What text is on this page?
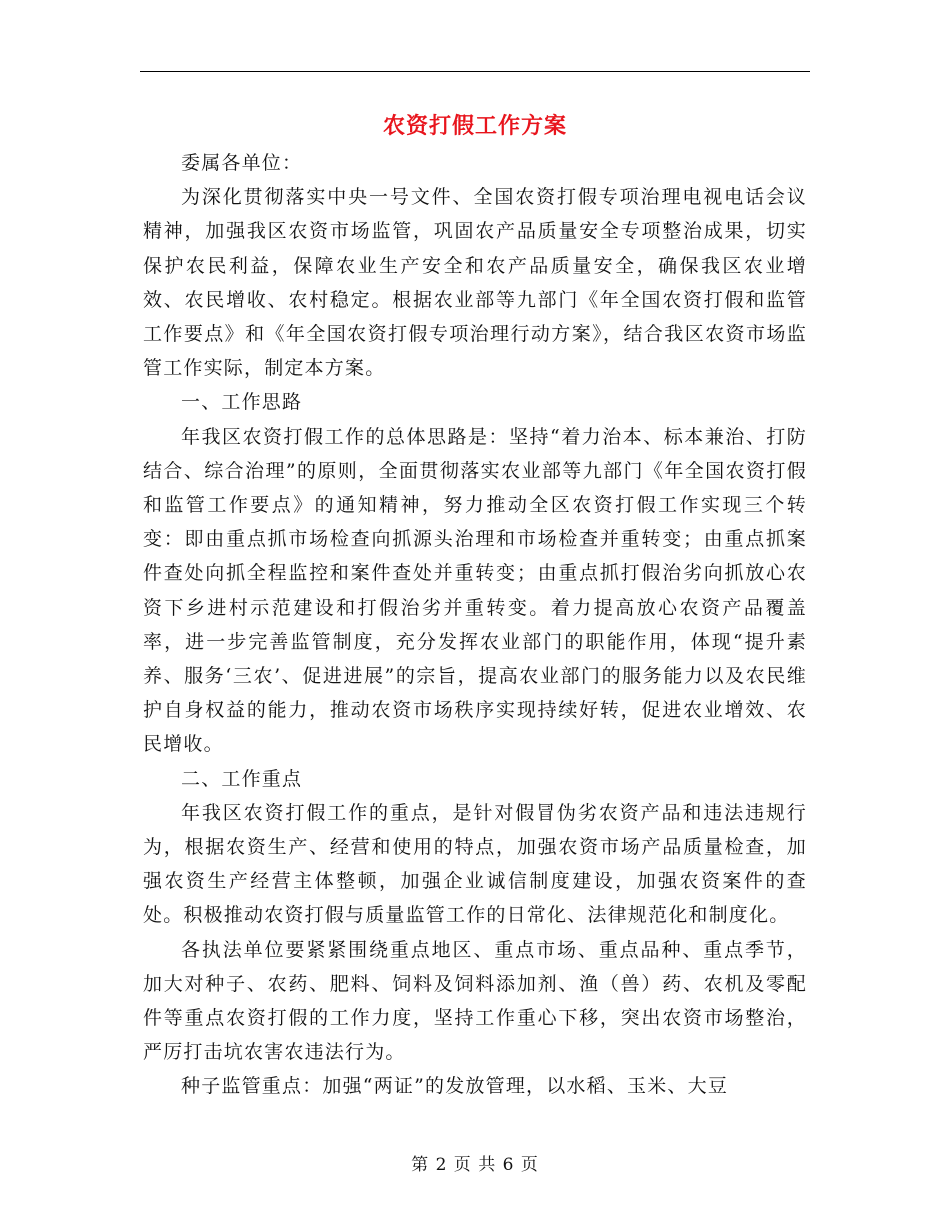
农资打假工作方案

委属各单位：

为深化贯彻落实中央一号文件、全国农资打假专项治理电视电话会议精神，加强我区农资市场监管，巩固农产品质量安全专项整治成果，切实保护农民利益，保障农业生产安全和农产品质量安全，确保我区农业增效、农民增收、农村稳定。根据农业部等九部门《年全国农资打假和监管工作要点》和《年全国农资打假专项治理行动方案》，结合我区农资市场监管工作实际，制定本方案。

一、工作思路

年我区农资打假工作的总体思路是：坚持“着力治本、标本兼治、打防结合、综合治理”的原则，全面贯彻落实农业部等九部门《年全国农资打假和监管工作要点》的通知精神，努力推动全区农资打假工作实现三个转变：即由重点抓市场检查向抓源头治理和市场检查并重转变；由重点抓案件查处向抓全程监控和案件查处并重转变；由重点抓打假治劣向抓放心农资下乡进村示范建设和打假治劣并重转变。着力提高放心农资产品覆盖率，进一步完善监管制度，充分发挥农业部门的职能作用，体现“提升素养、服务‘三农’、促进进展”的宗旨，提高农业部门的服务能力以及农民维护自身权益的能力，推动农资市场秩序实现持续好转，促进农业增效、农民增收。

二、工作重点

年我区农资打假工作的重点，是针对假冒伪劣农资产品和违法违规行为，根据农资生产、经营和使用的特点，加强农资市场产品质量检查，加强农资生产经营主体整顿，加强企业诚信制度建设，加强农资案件的查处。积极推动农资打假与质量监管工作的日常化、法律规范化和制度化。

各执法单位要紧紧围绕重点地区、重点市场、重点品种、重点季节，加大对种子、农药、肥料、饲料及饲料添加剂、渔（兽）药、农机及零配件等重点农资打假的工作力度，坚持工作重心下移，突出农资市场整治，严厉打击坑农害农违法行为。

种子监管重点：加强“两证”的发放管理，以水稻、玉米、大豆

第 2 页 共 6 页
